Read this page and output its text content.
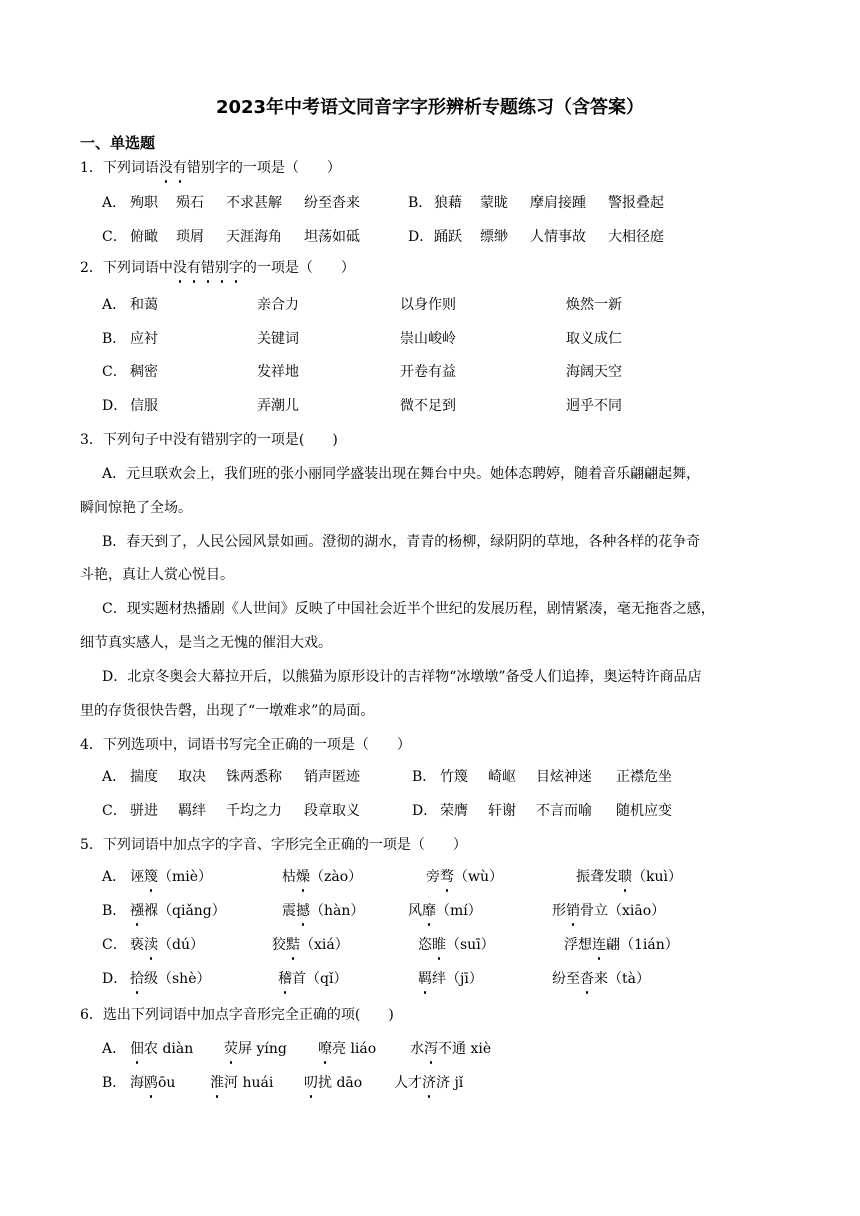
2023年中考语文同音字字形辨析专题练习（含答案）
一、单选题
1．下列词语没有错别字的一项是（　　）
A． 殉职 殒石 不求甚解 纷至沓来	B． 狼藉 蒙眬 摩肩接踵 警报叠起
C． 俯瞰 琐屑 天涯海角 坦荡如砥	D． 踊跃 缥缈 人情事故 大相径庭
2．下列词语中没有错别字的一项是（　　）
A． 和蔼	亲合力	以身作则	焕然一新
B． 应衬	关键词	崇山峻岭	取义成仁
C． 稠密	发祥地	开卷有益	海阔天空
D． 信服	弄潮儿	微不足到	迥乎不同
3．下列句子中没有错别字的一项是(　　)
A．元旦联欢会上，我们班的张小丽同学盛装出现在舞台中央。她体态聘婷，随着音乐翩翩起舞，
瞬间惊艳了全场。
B．春天到了，人民公园风景如画。澄彻的湖水，青青的杨柳，绿阴阴的草地，各种各样的花争奇
斗艳，真让人赏心悦目。
C．现实题材热播剧《人世间》反映了中国社会近半个世纪的发展历程，剧情紧凑，毫无拖沓之感，
细节真实感人，是当之无愧的催泪大戏。
D．北京冬奥会大幕拉开后，以熊猫为原形设计的吉祥物“冰墩墩”备受人们追捧，奥运特许商品店
里的存货很快告磬，出现了“一墩难求”的局面。
4．下列选项中，词语书写完全正确的一项是（　　）
A． 揣度 取决 铢两悉称 销声匿迹	B． 竹篾 崎岖 目炫神迷 正襟危坐
C． 骈进 羁绊 千均之力 段章取义	D． 荣膺 轩谢 不言而喻 随机应变
5．下列词语中加点字的字音、字形完全正确的一项是（　　）
A． 诬篾（miè）	枯燥（zào）	旁骛（wù）	振聋发聩（kuì）
B． 襁褓（qiǎng）	震撼（hàn）	风靡（mí）	形销骨立（xiāo）
C． 亵渎（dú）	狡黠（xiá）	恣睢（suī）	浮想连翩（1ián）
D． 拾级（shè）	稽首（qǐ）	羁绊（jī）	纷至沓来（tà）
6．选出下列词语中加点字音形完全正确的项(　　)
A． 佃农 diàn 荧屏 yíng 嘹亮 liáo 水泻不通 xiè
B． 海鸥ōu 淮河 huái 叨扰 dāo 人才济济 jǐ
